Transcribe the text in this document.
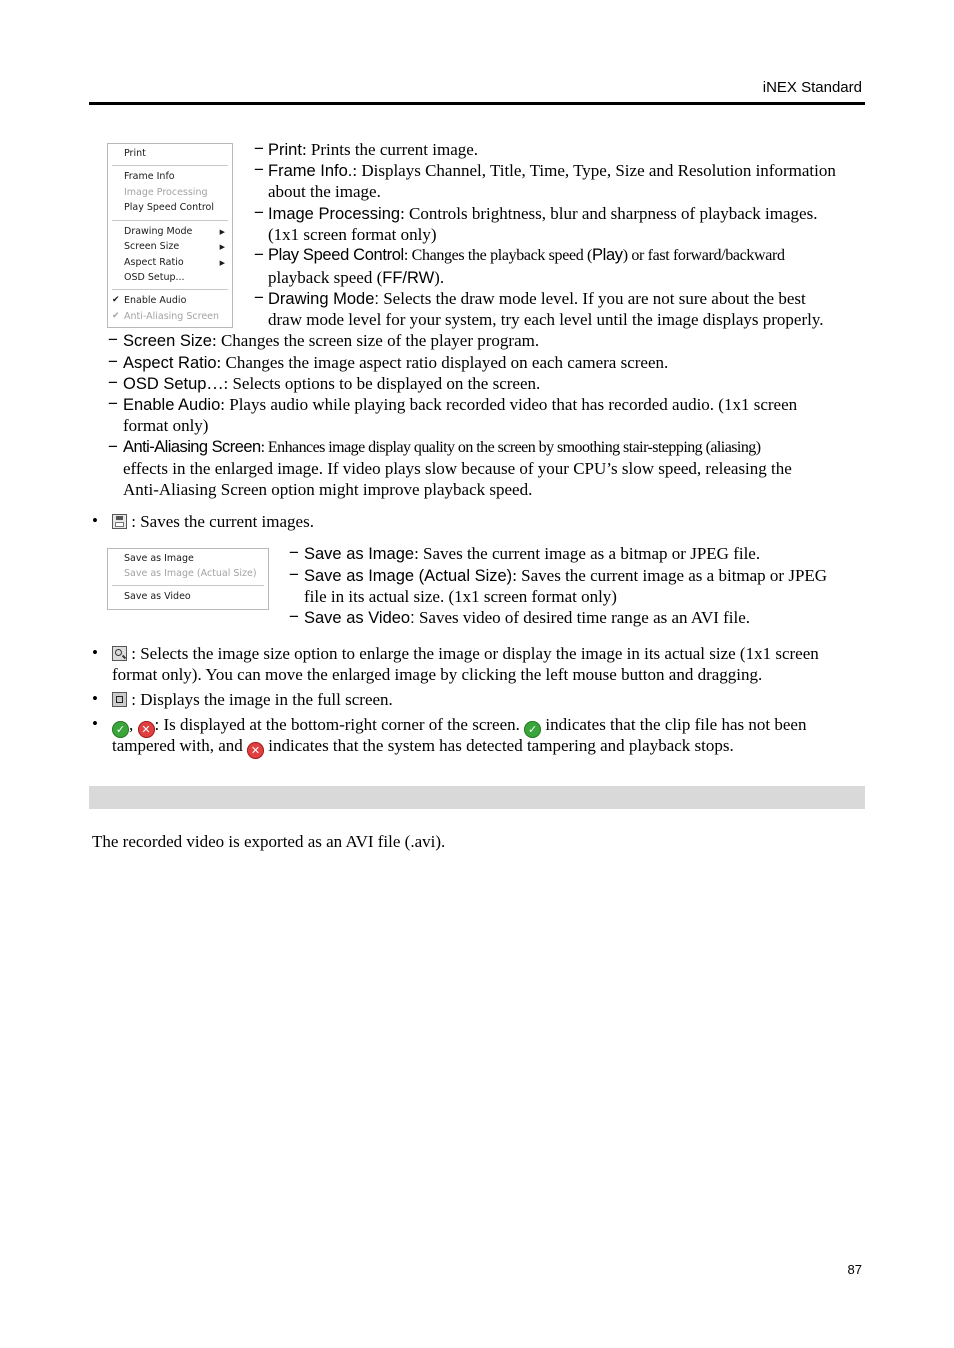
iNEX Standard
Print
Frame Info
Image Processing
Play Speed Control
Drawing Mode	▶
Screen Size	▶
Aspect Ratio	▶
OSD Setup...
✔ Enable Audio
✔ Anti-Aliasing Screen
− Print: Prints the current image.
− Frame Info.: Displays Channel, Title, Time, Type, Size and Resolution information
about the image.
− Image Processing: Controls brightness, blur and sharpness of playback images.
(1x1 screen format only)
− Play Speed Control: Changes the playback speed (Play) or fast forward/backward
playback speed (FF/RW).
− Drawing Mode: Selects the draw mode level. If you are not sure about the best
draw mode level for your system, try each level until the image displays properly.
− Screen Size: Changes the screen size of the player program.
− Aspect Ratio: Changes the image aspect ratio displayed on each camera screen.
− OSD Setup…: Selects options to be displayed on the screen.
− Enable Audio: Plays audio while playing back recorded video that has recorded audio. (1x1 screen
format only)
− Anti-Aliasing Screen: Enhances image display quality on the screen by smoothing stair-stepping (aliasing)
effects in the enlarged image. If video plays slow because of your CPU’s slow speed, releasing the
Anti-Aliasing Screen option might improve playback speed.
•	: Saves the current images.
Save as Image
Save as Image (Actual Size)
Save as Video
− Save as Image: Saves the current image as a bitmap or JPEG file.
− Save as Image (Actual Size): Saves the current image as a bitmap or JPEG
file in its actual size. (1x1 screen format only)
− Save as Video: Saves video of desired time range as an AVI file.
•	: Selects the image size option to enlarge the image or display the image in its actual size (1x1 screen
format only). You can move the enlarged image by clicking the left mouse button and dragging.
•	: Displays the image in the full screen.
•	✓ , ✕ : Is displayed at the bottom-right corner of the screen. ✓ indicates that the clip file has not been
tampered with, and ✕ indicates that the system has detected tampering and playback stops.
The recorded video is exported as an AVI file (.avi).
87
